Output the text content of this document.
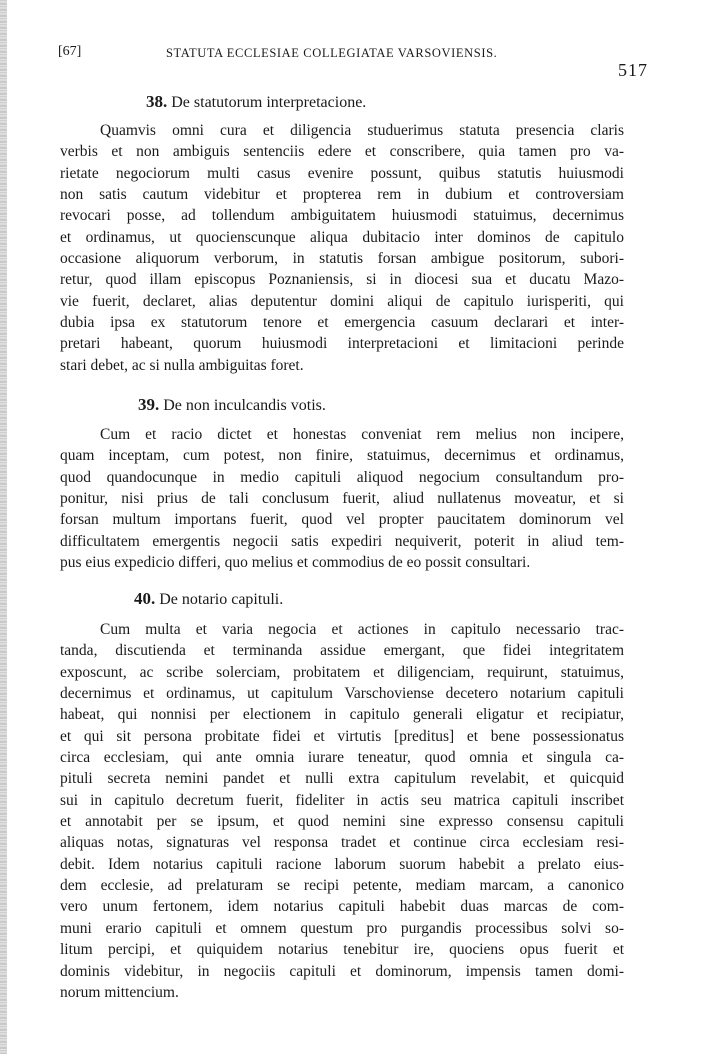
[67]	STATUTA ECCLESIAE COLLEGIATAE VARSOVIENSIS.
517
38. De statutorum interpretacione.
Quamvis omni cura et diligencia studuerimus statuta presencia claris
verbis et non ambiguis sentenciis edere et conscribere, quia tamen pro va-
rietate negociorum multi casus evenire possunt, quibus statutis huiusmodi
non satis cautum videbitur et propterea rem in dubium et controversiam
revocari posse, ad tollendum ambiguitatem huiusmodi statuimus, decernimus
et ordinamus, ut quocienscunque aliqua dubitacio inter dominos de capitulo
occasione aliquorum verborum, in statutis forsan ambigue positorum, subori-
retur, quod illam episcopus Poznaniensis, si in diocesi sua et ducatu Mazo-
vie fuerit, declaret, alias deputentur domini aliqui de capitulo iurisperiti, qui
dubia ipsa ex statutorum tenore et emergencia casuum declarari et inter-
pretari habeant, quorum huiusmodi interpretacioni et limitacioni perinde
stari debet, ac si nulla ambiguitas foret.
39. De non inculcandis votis.
Cum et racio dictet et honestas conveniat rem melius non incipere,
quam inceptam, cum potest, non finire, statuimus, decernimus et ordinamus,
quod quandocunque in medio capituli aliquod negocium consultandum pro-
ponitur, nisi prius de tali conclusum fuerit, aliud nullatenus moveatur, et si
forsan multum importans fuerit, quod vel propter paucitatem dominorum vel
difficultatem emergentis negocii satis expediri nequiverit, poterit in aliud tem-
pus eius expedicio differi, quo melius et commodius de eo possit consultari.
40. De notario capituli.
Cum multa et varia negocia et actiones in capitulo necessario trac-
tanda, discutienda et terminanda assidue emergant, que fidei integritatem
exposcunt, ac scribe solerciam, probitatem et diligenciam, requirunt, statuimus,
decernimus et ordinamus, ut capitulum Varschoviense decetero notarium capituli
habeat, qui nonnisi per electionem in capitulo generali eligatur et recipiatur,
et qui sit persona probitate fidei et virtutis [preditus] et bene possessionatus
circa ecclesiam, qui ante omnia iurare teneatur, quod omnia et singula ca-
pituli secreta nemini pandet et nulli extra capitulum revelabit, et quicquid
sui in capitulo decretum fuerit, fideliter in actis seu matrica capituli inscribet
et annotabit per se ipsum, et quod nemini sine expresso consensu capituli
aliquas notas, signaturas vel responsa tradet et continue circa ecclesiam resi-
debit. Idem notarius capituli racione laborum suorum habebit a prelato eius-
dem ecclesie, ad prelaturam se recipi petente, mediam marcam, a canonico
vero unum fertonem, idem notarius capituli habebit duas marcas de com-
muni erario capituli et omnem questum pro purgandis processibus solvi so-
litum percipi, et quiquidem notarius tenebitur ire, quociens opus fuerit et
dominis videbitur, in negociis capituli et dominorum, impensis tamen domi-
norum mittencium.
